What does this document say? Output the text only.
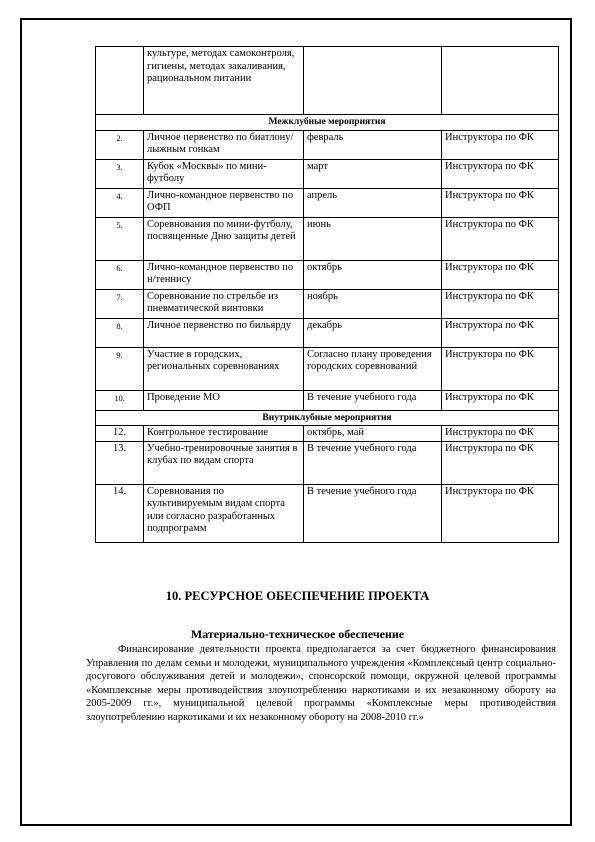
	культуре, методах самоконтроля, гигиены, методах закаливания, рациональном питании		
Межклубные мероприятия			
2.	Личное первенство по биатлону/ лыжным гонкам	февраль	Инструктора по ФК
3.	Кубок «Москвы» по мини-футболу	март	Инструктора по ФК
4.	Лично-командное первенство по ОФП	апрель	Инструктора по ФК
5.	Соревнования по мини-футболу, посвященные Дню защиты детей	июнь	Инструктора по ФК
6.	Лично-командное первенство по н/теннису	октябрь	Инструктора по ФК
7.	Соревнование по стрельбе из пневматической винтовки	ноябрь	Инструктора по ФК
8.	Личное первенство по бильярду	декабрь	Инструктора по ФК
9.	Участие в городских, региональных соревнованиях	Согласно плану проведения городских соревнований	Инструктора по ФК
10.	Проведение МО	В течение учебного года	Инструктора по ФК
Внутриклубные мероприятия			
12.	Контрольное тестирование	октябрь, май	Инструктора по ФК
13.	Учебно-тренировочные занятия в клубах по видам спорта	В течение учебного года	Инструктора по ФК
14.	Соревнования по культивируемым видам спорта или согласно разработанных подпрограмм	В течение учебного года	Инструктора по ФК
10. РЕСУРСНОЕ ОБЕСПЕЧЕНИЕ ПРОЕКТА
Материально-техническое обеспечение
Финансирование деятельности проекта предполагается за счет бюджетного финансирования Управления по делам семьи и молодежи, муниципального учреждения «Комплексный центр социально-досугового обслуживания детей и молодежи», спонсорской помощи, окружной целевой программы «Комплексные меры противодействия злоупотреблению наркотиками и их незаконному обороту на 2005-2009 гг.», муниципальной целевой программы «Комплексные меры противодействия злоупотреблению наркотиками и их незаконному обороту на 2008-2010 гг.»
